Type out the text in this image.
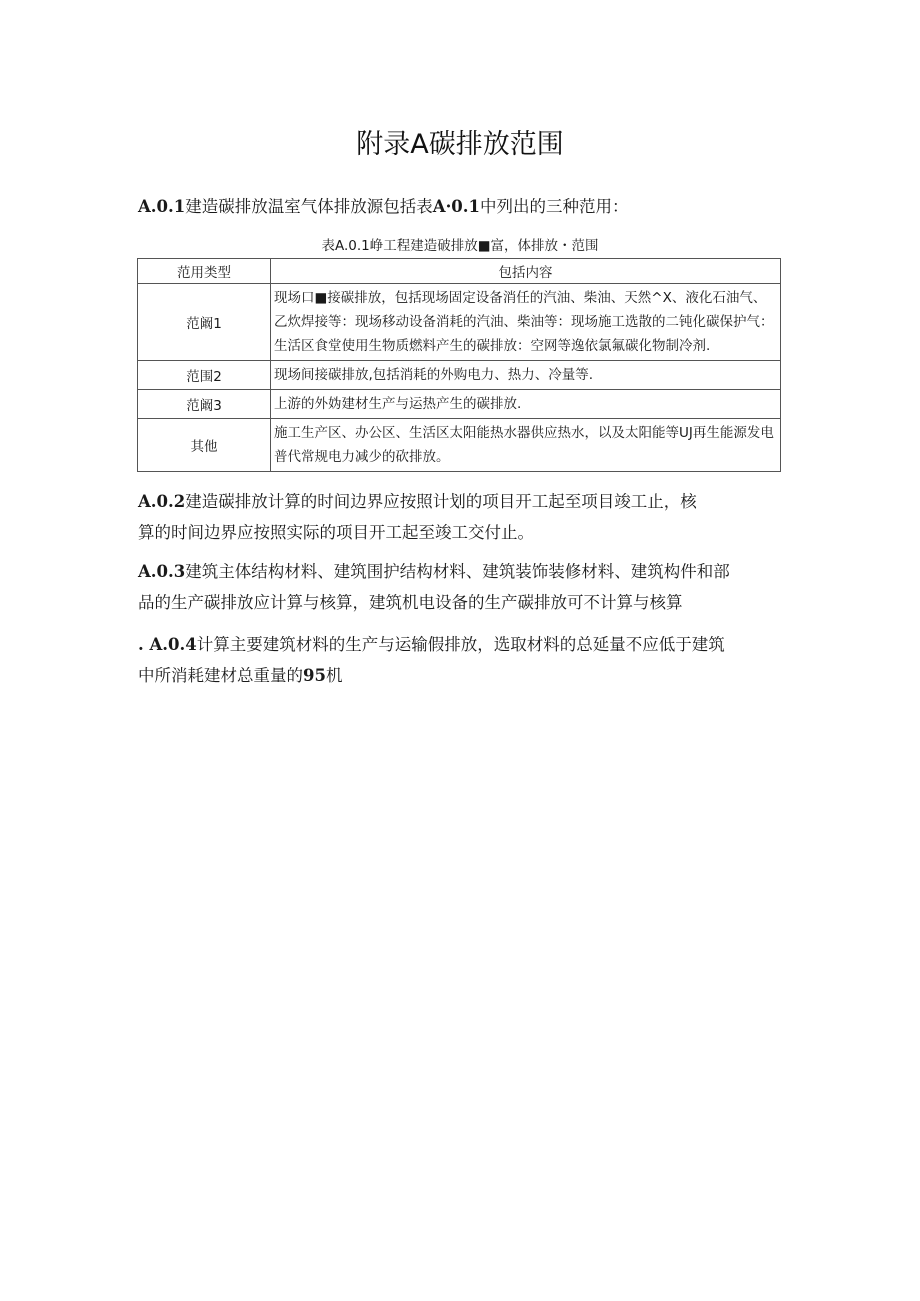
附录A碳排放范围
A.0.1建造碳排放温室气体排放源包括表A·0.1中列出的三种范用：
表A.0.1峥工程建造破排放■富，体排放・范围
范用类型	包括内容
范阚1	现场口■接碳排放，包括现场固定设备消任的汽油、柴油、天然^X、液化石油气、乙炊焊接等：现场移动设备消耗的汽油、柴油等：现场施工选散的二钝化碳保护气：生活区食堂使用生物质燃料产生的碳排放：空网等逸依氯氟碳化物制冷剂.
范围2	现场间接碳排放,包括消耗的外购电力、热力、冷量等.
范阚3	上游的外妫建材生产与运热产生的碳排放.
其他	施工生产区、办公区、生活区太阳能热水器供应热水，以及太阳能等UJ再生能源发电普代常规电力减少的砍排放。
A.0.2建造碳排放计算的时间边界应按照计划的项目开工起至项目竣工止，核
算的时间边界应按照实际的项目开工起至竣工交付止。
A.0.3建筑主体结构材料、建筑围护结构材料、建筑装饰装修材料、建筑构件和部
品的生产碳排放应计算与核算，建筑机电设备的生产碳排放可不计算与核算
. A.0.4计算主要建筑材料的生产与运输假排放，选取材料的总延量不应低于建筑
中所消耗建材总重量的95机
